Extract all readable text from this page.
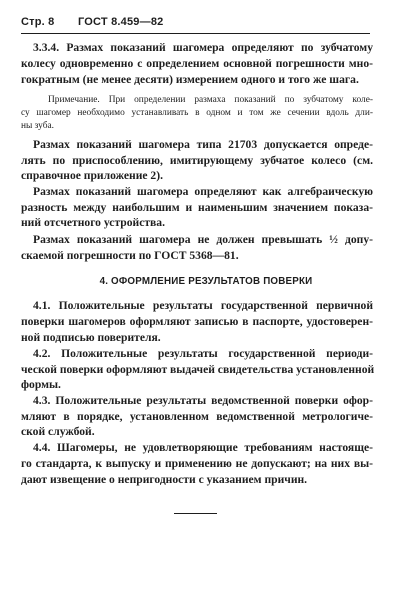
Стр. 8 ГОСТ 8.459—82
3.3.4. Размах показаний шагомера определяют по зубчатому
колесу одновременно с определением основной погрешности мно-
гократным (не менее десяти) измерением одного и того же шага.
Примечание. При определении размаха показаний по зубчатому коле-
су шагомер необходимо устанавливать в одном и том же сечении вдоль дли-
ны зуба.
Размах показаний шагомера типа 21703 допускается опреде-
лять по приспособлению, имитирующему зубчатое колесо (см.
справочное приложение 2).
Размах показаний шагомера определяют как алгебраическую
разность между наибольшим и наименьшим значением показа-
ний отсчетного устройства.
Размах показаний шагомера не должен превышать ½ допу-
скаемой погрешности по ГОСТ 5368—81.
4. ОФОРМЛЕНИЕ РЕЗУЛЬТАТОВ ПОВЕРКИ
4.1. Положительные результаты государственной первичной
поверки шагомеров оформляют записью в паспорте, удостоверен-
ной подписью поверителя.
4.2. Положительные результаты государственной периоди-
ческой поверки оформляют выдачей свидетельства установленной
формы.
4.3. Положительные результаты ведомственной поверки офор-
мляют в порядке, установленном ведомственной метрологиче-
ской службой.
4.4. Шагомеры, не удовлетворяющие требованиям настояще-
го стандарта, к выпуску и применению не допускают; на них вы-
дают извещение о непригодности с указанием причин.
